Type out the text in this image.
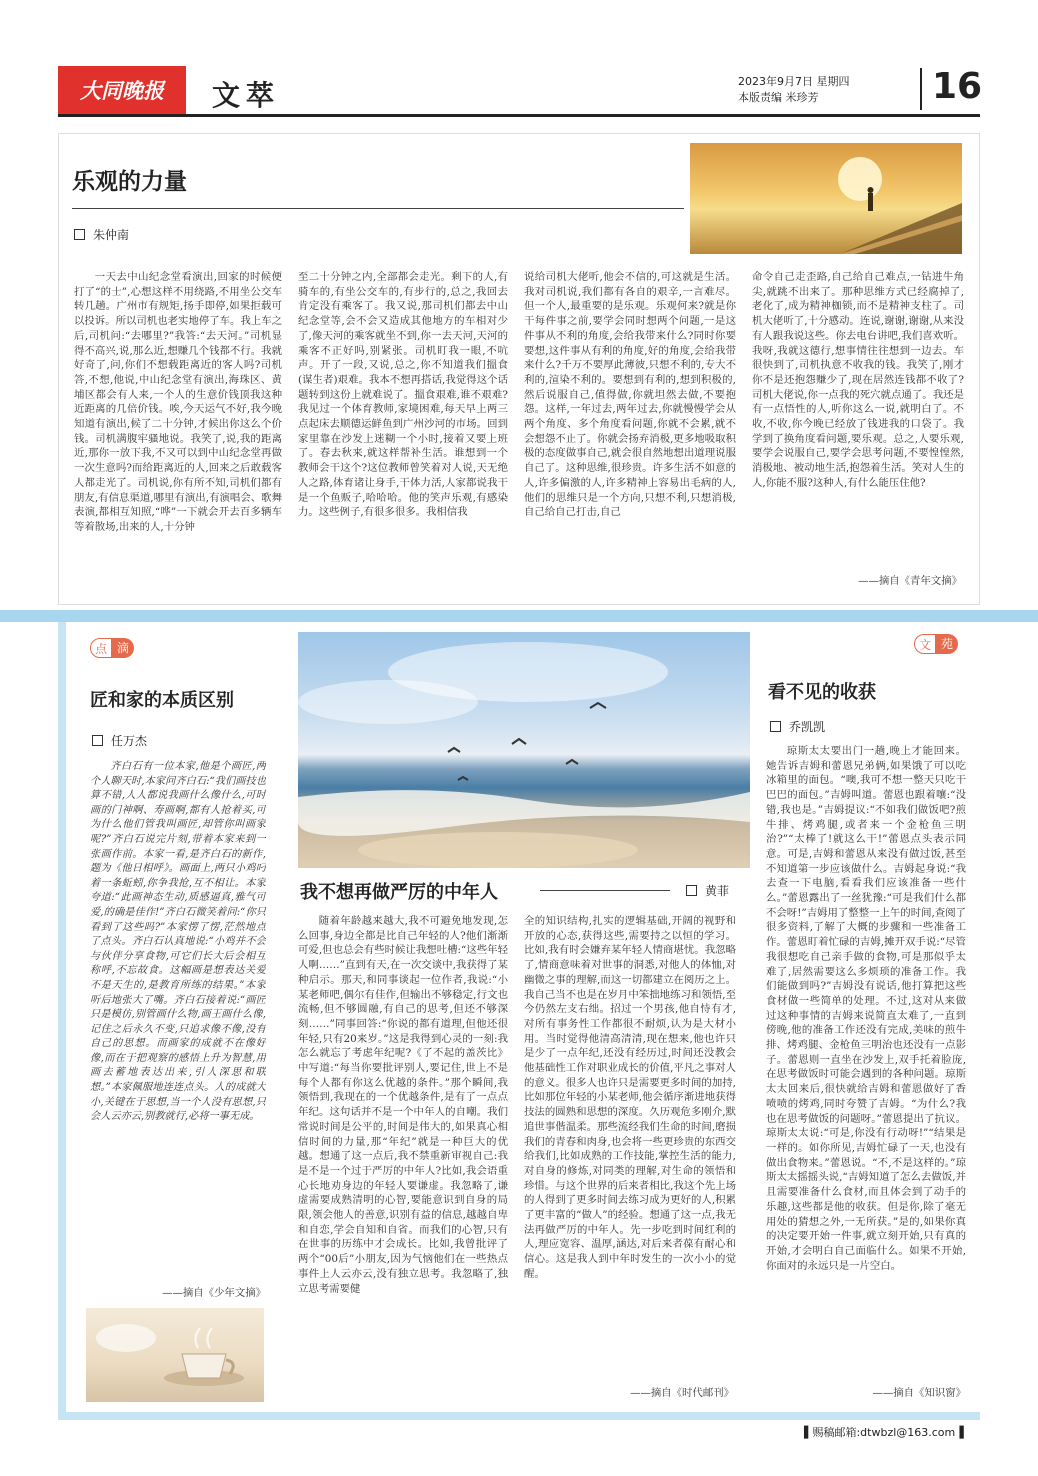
大同晚报 文萃	2023年9月7日 星期四
本版责编 米珍芳	16
乐观的力量
朱仲南

一天去中山纪念堂看演出,回家的时候便打了“的士”,心想这样不用绕路,不用坐公交车转几趟。广州市有规矩,扬手即停,如果拒载可以投诉。所以司机也老实地停了车。我上车之后,司机问:“去哪里?”我答:“去天河。”司机显得不高兴,说,那么近,想赚几个钱都不行。我就好奇了,问,你们不想载距离近的客人吗?司机答,不想,他说,中山纪念堂有演出,海珠区、黄埔区都会有人来,一个人的生意价钱顶我这种近距离的几倍价钱。唉,今天运气不好,我今晚知道有演出,候了二十分钟,才候出你这么个价钱。司机满腹牢骚地说。我笑了,说,我的距离近,那你一放下我,不又可以到中山纪念堂再做一次生意吗?而给距离近的人,回来之后敢载客人都走光了。司机说,你有所不知,司机们都有朋友,有信息渠道,哪里有演出,有演唱会、歌舞表演,都相互知照,“哗”一下就会开去百多辆车等着散场,出来的人,十分钟

至二十分钟之内,全部都会走光。剩下的人,有骑车的,有坐公交车的,有步行的,总之,我回去肯定没有乘客了。我又说,那司机们都去中山纪念堂等,会不会又造成其他地方的车相对少了,像天河的乘客就坐不到,你一去天河,天河的乘客不正好吗,别紧张。司机盯我一眼,不吭声。开了一段,又说,总之,你不知道我们搵食(谋生者)艰难。我本不想再搭话,我觉得这个话题转到这份上就难说了。搵食艰难,谁不艰难?我见过一个体育教师,家境困难,每天早上两三点起床去顺德运鲜鱼到广州沙河的市场。回到家里靠在沙发上迷糊一个小时,接着又要上班了。春去秋来,就这样帮补生活。谁想到一个教师会干这个?这位教师曾笑着对人说,天无绝人之路,体育诸让身手,干体力活,人家都说我干是一个鱼贩子,哈哈哈。他的笑声乐观,有感染力。这些例子,有很多很多。我相信我

说给司机大佬听,他会不信的,可这就是生活。我对司机说,我们都有各自的艰辛,一言难尽。但一个人,最重要的是乐观。乐观何来?就是你干每件事之前,要学会同时想两个问题,一是这件事从不利的角度,会给我带来什么?同时你要要想,这件事从有利的角度,好的角度,会给我带来什么?千万不要厚此薄彼,只想不利的,专大不利的,渲染不利的。要想到有利的,想到积极的,然后说服自己,值得做,你就坦然去做,不要抱怨。这样,一年过去,两年过去,你就慢慢学会从两个角度、多个角度看问题,你就不会累,就不会想怨不止了。你就会扬弃消极,更多地吸取积极的态度做事自己,就会很自然地想出道理说服自己了。这种思维,很珍贵。许多生活不如意的人,许多偏激的人,许多精神上容易出毛病的人,他们的思维只是一个方向,只想不利,只想消极,自己给自己打击,自己

命令自己走歪路,自己给自己难点,一钻进牛角尖,就跳不出来了。那种思维方式已经腐掉了,老化了,成为精神枷锁,而不是精神支柱了。司机大佬听了,十分感动。连说,谢谢,谢谢,从来没有人跟我说这些。你去电台讲吧,我们喜欢听。我呀,我就这德行,想事情往往想到一边去。车很快到了,司机执意不收我的钱。我笑了,刚才你不是还抱怨赚少了,现在居然连钱都不收了?司机大佬说,你一点我的死穴就点通了。我还是有一点悟性的人,听你这么一说,就明白了。不收,不收,你今晚已经放了钱进我的口袋了。我学到了换角度看问题,要乐观。总之,人要乐观,要学会说服自己,要学会思考问题,不要惶惶然,消极地、被动地生活,抱怨着生活。笑对人生的人,你能不服?这种人,有什么能压住他?

——摘自《青年文摘》
点 滴
匠和家的本质区别
任万杰

齐白石有一位本家,他是个画匠,两个人聊天时,本家问齐白石:“我们画技也算不错,人人都说我画什么像什么,可时画的门神啊、寿画啊,都有人抢着买,可为什么他们管我叫画匠,却管你叫画家呢?”齐白石说完片刻,带着本家来到一张画作前。本家一看,是齐白石的新作,题为《他日相呼》。画面上,两只小鸡叼着一条蚯蚓,你争我抢,互不相让。本家夸道:“此画神态生动,质感逼真,雅气可爱,的确是佳作!”齐白石微笑着问:“你只看到了这些吗?”本家愣了愣,茫然地点了点头。齐白石认真地说:“小鸡并不会与伙伴分享食物,可它们长大后会相互称呼,不忘故食。这幅画是想表达关爱不是天生的,是教育所练的结果。”本家听后地张大了嘴。齐白石接着说:“画匠只是模仿,别管画什么物,画王画什么像,记住之后永久不变,只追求像不像,没有自己的思想。而画家的成就不在像好像,而在于把观察的感悟上升为智慧,用画去蓄地表达出来,引人深思和联想。”本家佩服地连连点头。人的成就大小,关键在于思想,当一个人没有思想,只会人云亦云,别教就行,必将一事无成。

——摘自《少年文摘》
我不想再做严厉的中年人	黄菲

随着年龄越来越大,我不可避免地发现,怎么回事,身边全都是比自己年轻的人?他们渐渐可爱,但也总会有些时候让我想吐槽:“这些年轻人啊……”直到有天,在一次交谈中,我获得了某种启示。那天,和同事谈起一位作者,我说:“小某老师吧,偶尔有佳作,但输出不够稳定,行文也流畅,但不够圆融,有自己的思考,但还不够深刻……”同事回答:“你说的都有道理,但他还很年轻,只有20来岁。”这是我得到心灵的一刻:我怎么就忘了考虑年纪呢?《了不起的盖茨比》中写道:“每当你要批评别人,要记住,世上不是每个人都有你这么优越的条件。”那个瞬间,我领悟到,我现在的一个优越条件,是有了一点点年纪。这句话并不是一个中年人的自嘲。我们常说时间是公平的,时间是伟大的,如果真心相信时间的力量,那“年纪”就是一种巨大的优越。想通了这一点后,我不禁重新审视自己:我是不是一个过于严厉的中年人?比如,我会语重心长地劝身边的年轻人要谦虚。我忽略了,谦虚需要成熟清明的心智,要能意识到自身的局限,领会他人的善意,识别有益的信息,越越自卑和自恋,学会自知和自省。而我们的心智,只有在世事的历练中才会成长。比如,我曾批评了两个“00后”小朋友,因为气恼他们在一些热点事件上人云亦云,没有独立思考。我忽略了,独立思考需要健

全的知识结构,扎实的逻辑基础,开阔的视野和开放的心态,获得这些,需要持之以恒的学习。比如,我有时会嫌弃某年轻人情商堪忧。我忽略了,情商意味着对世事的洞悉,对他人的体恤,对幽微之事的理解,而这一切都建立在阅历之上。我自己当不也是在岁月中笨拙地练习和领悟,至今仍然左支右绌。招过一个男孩,他自恃有才,对所有事务性工作都很不耐烦,认为是大材小用。当时觉得他清高清清,现在想来,他也许只是少了一点年纪,还没有经历过,时间还没教会他基础性工作对职业成长的价值,平凡之事对人的意义。很多人也许只是需要更多时间的加持,比如那位年轻的小某老师,他会循序渐进地获得技法的圆熟和思想的深度。久历观危多刚介,默追世事偕温柔。那些流经我们生命的时间,磨损我们的青春和肉身,也会将一些更珍贵的东西交给我们,比如成熟的工作技能,掌控生活的能力,对自身的修炼,对同类的理解,对生命的领悟和珍惜。与这个世界的后来者相比,我这个先上场的人得到了更多时间去练习成为更好的人,积累了更丰富的“做人”的经验。想通了这一点,我无法再做严厉的中年人。先一步吃到时间红利的人,理应宽容、温厚,涵达,对后来者葆有耐心和信心。这是我人到中年时发生的一次小小的觉醒。

——摘自《时代邮刊》
文 苑
看不见的收获
乔凯凯

琼斯太太要出门一趟,晚上才能回来。她告诉吉姆和蕾恩兄弟俩,如果饿了可以吃冰箱里的面包。“噢,我可不想一整天只吃干巴巴的面包。”吉姆叫道。蕾恩也跟着嚷:“没错,我也是。”吉姆提议:“不如我们做饭吧?煎牛排、烤鸡腿,或者来一个金枪鱼三明治?”“太棒了!就这么干!”蕾恩点头表示同意。可是,吉姆和蕾恩从来没有做过饭,甚至不知道第一步应该做什么。吉姆起身说:“我去查一下电脑,看看我们应该准备一些什么。”蕾恩露出了一丝犹豫:“可是我们什么都不会呀!”吉姆用了整整一上午的时间,查阅了很多资料,了解了大概的步骤和一些准备工作。蕾恩盯着忙碌的吉姆,摊开双手说:“尽管我很想吃自己亲手做的食物,可是那似乎太难了,居然需要这么多烦琐的准备工作。我们能做到吗?”吉姆没有说话,他打算把这些食材做一些简单的处理。不过,这对从来做过这种事情的吉姆来说简直太难了,一直到傍晚,他的准备工作还没有完成,美味的煎牛排、烤鸡腿、金枪鱼三明治也还没有一点影子。蕾恩则一直坐在沙发上,双手托着脸庞,在思考做饭时可能会遇到的各种问题。琼斯太太回来后,很快就给吉姆和蕾恩做好了香喷喷的烤鸡,同时夸赞了吉姆。“为什么?我也在思考做饭的问题呀。”蕾恩提出了抗议。琼斯太太说:“可是,你没有行动呀!”“结果是一样的。如你所见,吉姆忙碌了一天,也没有做出食物来。”蕾恩说。“不,不是这样的。”琼斯太太摇摇头说,“吉姆知道了怎么去做饭,并且需要准备什么食材,而且体会到了动手的乐趣,这些都是他的收获。但是你,除了毫无用处的猜想之外,一无所获。”是的,如果你真的决定要开始一件事,就立刻开始,只有真的开始,才会明白自己面临什么。如果不开始,你面对的永远只是一片空白。

——摘自《知识窗》
▌赐稿邮箱:dtwbzl@163.com▐
